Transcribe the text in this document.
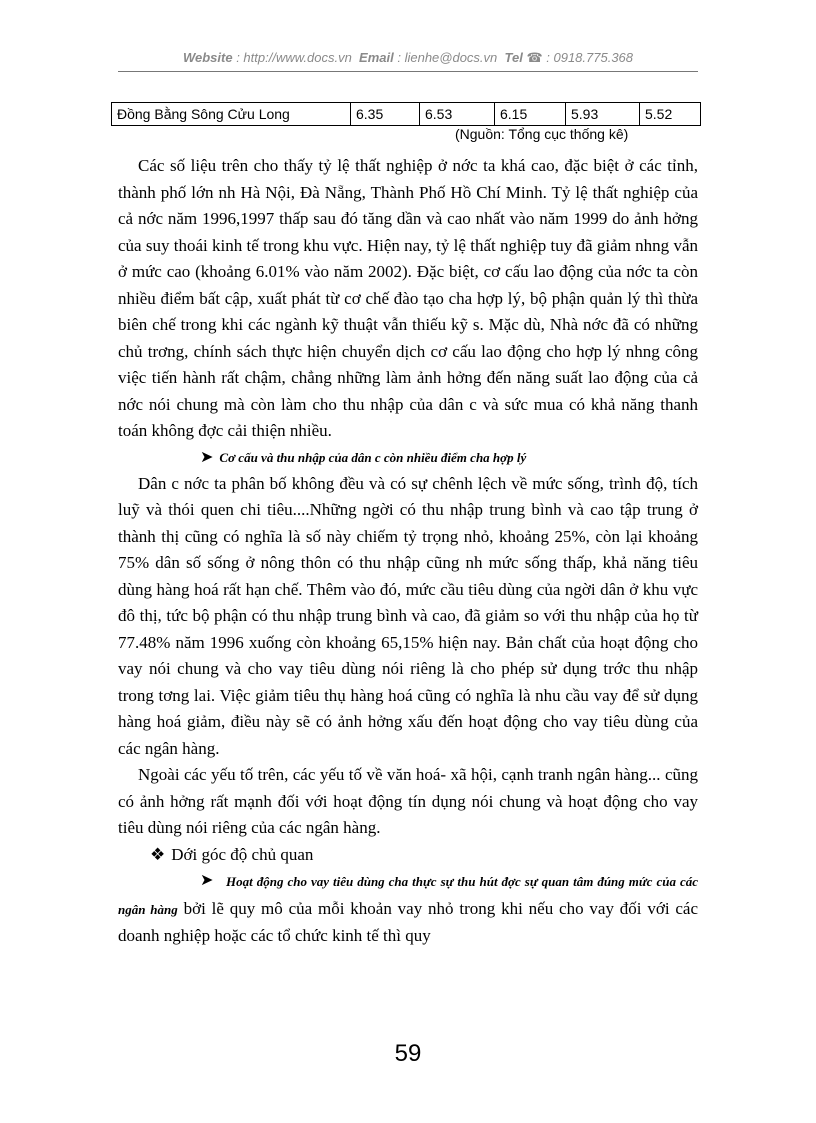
Website : http://www.docs.vn Email : lienhe@docs.vn Tel ☎ : 0918.775.368
Đồng Bằng Sông Cửu Long	6.35	6.53	6.15	5.93	5.52
(Nguồn: Tổng cục thống kê)

Các số liệu trên cho thấy tỷ lệ thất nghiệp ở nớc ta khá cao, đặc biệt ở các tỉnh, thành phố lớn nh Hà Nội, Đà Nẵng, Thành Phố Hồ Chí Minh. Tỷ lệ thất nghiệp của cả nớc năm 1996,1997 thấp sau đó tăng dần và cao nhất vào năm 1999 do ảnh hởng của suy thoái kinh tế trong khu vực. Hiện nay, tỷ lệ thất nghiệp tuy đã giảm nhng vẫn ở mức cao (khoảng 6.01% vào năm 2002). Đặc biệt, cơ cấu lao động của nớc ta còn nhiều điểm bất cập, xuất phát từ cơ chế đào tạo cha hợp lý, bộ phận quản lý thì thừa biên chế trong khi các ngành kỹ thuật vẫn thiếu kỹ s. Mặc dù, Nhà nớc đã có những chủ trơng, chính sách thực hiện chuyển dịch cơ cấu lao động cho hợp lý nhng công việc tiến hành rất chậm, chẳng những làm ảnh hởng đến năng suất lao động của cả nớc nói chung mà còn làm cho thu nhập của dân c và sức mua có khả năng thanh toán không đợc cải thiện nhiều.

➤ Cơ cấu và thu nhập của dân c còn nhiều điểm cha hợp lý

Dân c nớc ta phân bố không đều và có sự chênh lệch về mức sống, trình độ, tích luỹ và thói quen chi tiêu....Những ngời có thu nhập trung bình và cao tập trung ở thành thị cũng có nghĩa là số này chiếm tỷ trọng nhỏ, khoảng 25%, còn lại khoảng 75% dân số sống ở nông thôn có thu nhập cũng nh mức sống thấp, khả năng tiêu dùng hàng hoá rất hạn chế. Thêm vào đó, mức cầu tiêu dùng của ngời dân ở khu vực đô thị, tức bộ phận có thu nhập trung bình và cao, đã giảm so với thu nhập của họ từ 77.48% năm 1996 xuống còn khoảng 65,15% hiện nay. Bản chất của hoạt động cho vay nói chung và cho vay tiêu dùng nói riêng là cho phép sử dụng trớc thu nhập trong tơng lai. Việc giảm tiêu thụ hàng hoá cũng có nghĩa là nhu cầu vay để sử dụng hàng hoá giảm, điều này sẽ có ảnh hởng xấu đến hoạt động cho vay tiêu dùng của các ngân hàng.

Ngoài các yếu tố trên, các yếu tố về văn hoá- xã hội, cạnh tranh ngân hàng... cũng có ảnh hởng rất mạnh đối với hoạt động tín dụng nói chung và hoạt động cho vay tiêu dùng nói riêng của các ngân hàng.

❖ Dới góc độ chủ quan
➤ Hoạt động cho vay tiêu dùng cha thực sự thu hút đợc sự quan tâm đúng mức của các ngân hàng bởi lẽ quy mô của mỗi khoản vay nhỏ trong khi nếu cho vay đối với các doanh nghiệp hoặc các tổ chức kinh tế thì quy

59
